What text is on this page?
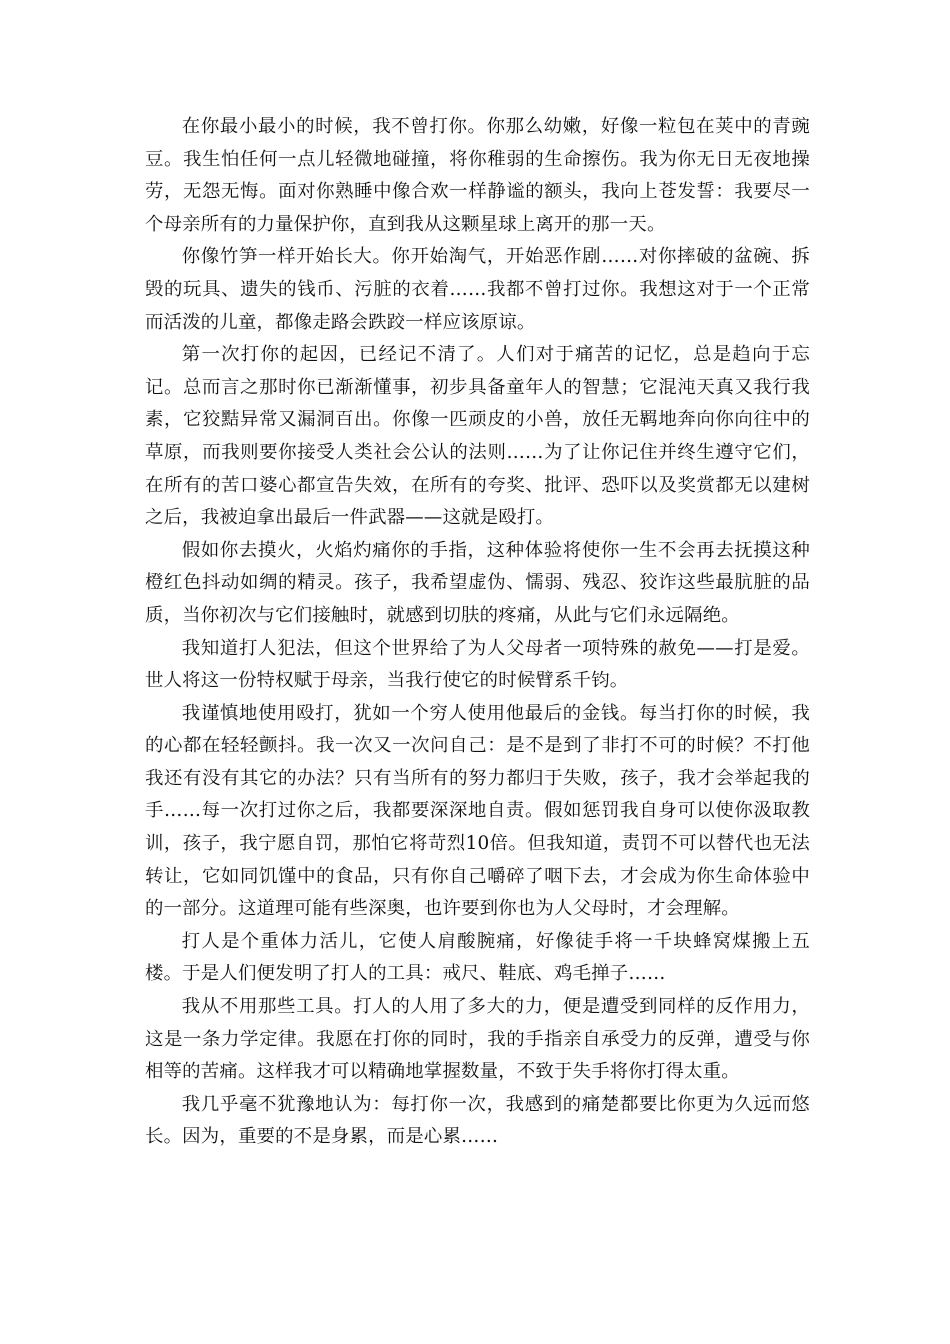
在你最小最小的时候，我不曾打你。你那么幼嫩，好像一粒包在荚中的青豌豆。我生怕任何一点儿轻微地碰撞，将你稚弱的生命擦伤。我为你无日无夜地操劳，无怨无悔。面对你熟睡中像合欢一样静谧的额头，我向上苍发誓：我要尽一个母亲所有的力量保护你，直到我从这颗星球上离开的那一天。

你像竹笋一样开始长大。你开始淘气，开始恶作剧……对你摔破的盆碗、拆毁的玩具、遗失的钱币、污脏的衣着……我都不曾打过你。我想这对于一个正常而活泼的儿童，都像走路会跌跤一样应该原谅。

第一次打你的起因，已经记不清了。人们对于痛苦的记忆，总是趋向于忘记。总而言之那时你已渐渐懂事，初步具备童年人的智慧；它混沌天真又我行我素，它狡黠异常又漏洞百出。你像一匹顽皮的小兽，放任无羁地奔向你向往中的草原，而我则要你接受人类社会公认的法则……为了让你记住并终生遵守它们，在所有的苦口婆心都宣告失效，在所有的夸奖、批评、恐吓以及奖赏都无以建树之后，我被迫拿出最后一件武器——这就是殴打。

假如你去摸火，火焰灼痛你的手指，这种体验将使你一生不会再去抚摸这种橙红色抖动如绸的精灵。孩子，我希望虚伪、懦弱、残忍、狡诈这些最肮脏的品质，当你初次与它们接触时，就感到切肤的疼痛，从此与它们永远隔绝。

我知道打人犯法，但这个世界给了为人父母者一项特殊的赦免——打是爱。世人将这一份特权赋于母亲，当我行使它的时候臂系千钧。

我谨慎地使用殴打，犹如一个穷人使用他最后的金钱。每当打你的时候，我的心都在轻轻颤抖。我一次又一次问自己：是不是到了非打不可的时候？不打他我还有没有其它的办法？只有当所有的努力都归于失败，孩子，我才会举起我的手……每一次打过你之后，我都要深深地自责。假如惩罚我自身可以使你汲取教训，孩子，我宁愿自罚，那怕它将苛烈10倍。但我知道，责罚不可以替代也无法转让，它如同饥馑中的食品，只有你自己嚼碎了咽下去，才会成为你生命体验中的一部分。这道理可能有些深奥，也许要到你也为人父母时，才会理解。

打人是个重体力活儿，它使人肩酸腕痛，好像徒手将一千块蜂窝煤搬上五楼。于是人们便发明了打人的工具：戒尺、鞋底、鸡毛掸子……

我从不用那些工具。打人的人用了多大的力，便是遭受到同样的反作用力，这是一条力学定律。我愿在打你的同时，我的手指亲自承受力的反弹，遭受与你相等的苦痛。这样我才可以精确地掌握数量，不致于失手将你打得太重。

我几乎毫不犹豫地认为：每打你一次，我感到的痛楚都要比你更为久远而悠长。因为，重要的不是身累，而是心累……
